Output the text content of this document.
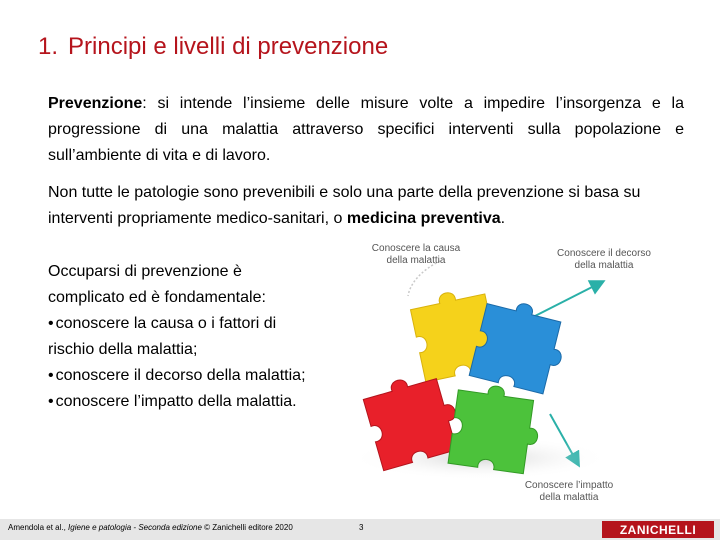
1. Principi e livelli di prevenzione
Prevenzione: si intende l’insieme delle misure volte a impedire l’insorgenza e la progressione di una malattia attraverso specifici interventi sulla popolazione e sull’ambiente di vita e di lavoro.
Non tutte le patologie sono prevenibili e solo una parte della prevenzione si basa su interventi propriamente medico-sanitari, o medicina preventiva.
Occuparsi di prevenzione è
complicato ed è fondamentale:
• conoscere la causa o i fattori di
rischio della malattia;
• conoscere il decorso della malattia;
• conoscere l’impatto della malattia.
Conoscere la causa
della malattia
Conoscere il decorso
della malattia
Conoscere l’impatto
della malattia
Amendola et al., Igiene e patologia - Seconda edizione © Zanichelli editore 2020	3	ZANICHELLI
